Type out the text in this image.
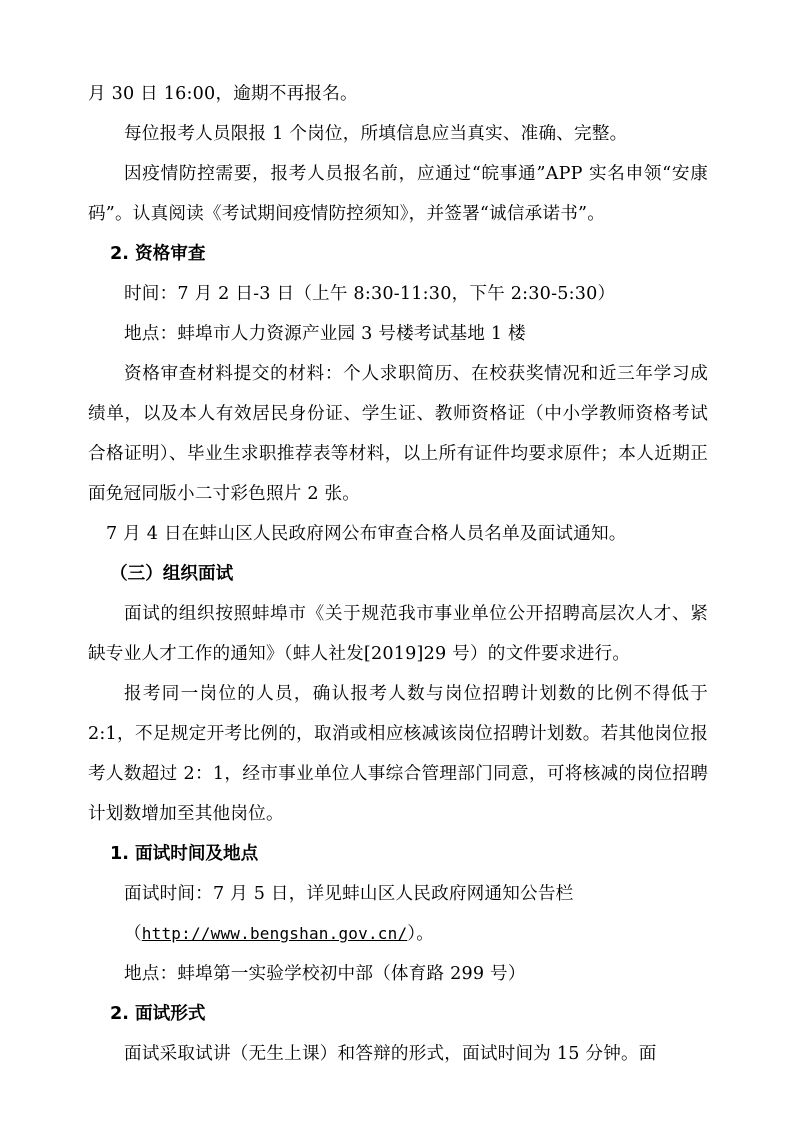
月 30 日 16:00，逾期不再报名。

每位报考人员限报 1 个岗位，所填信息应当真实、准确、完整。

因疫情防控需要，报考人员报名前，应通过“皖事通”APP 实名申领“安康码”。认真阅读《考试期间疫情防控须知》，并签署“诚信承诺书”。

2. 资格审查

时间：7 月 2 日-3 日（上午 8:30-11:30，下午 2:30-5:30）

地点：蚌埠市人力资源产业园 3 号楼考试基地 1 楼

资格审查材料提交的材料：个人求职简历、在校获奖情况和近三年学习成绩单，以及本人有效居民身份证、学生证、教师资格证（中小学教师资格考试合格证明）、毕业生求职推荐表等材料，以上所有证件均要求原件；本人近期正面免冠同版小二寸彩色照片 2 张。

7 月 4 日在蚌山区人民政府网公布审查合格人员名单及面试通知。

（三）组织面试

面试的组织按照蚌埠市《关于规范我市事业单位公开招聘高层次人才、紧缺专业人才工作的通知》（蚌人社发[2019]29 号）的文件要求进行。

报考同一岗位的人员，确认报考人数与岗位招聘计划数的比例不得低于 2:1，不足规定开考比例的，取消或相应核减该岗位招聘计划数。若其他岗位报考人数超过 2：1，经市事业单位人事综合管理部门同意，可将核减的岗位招聘计划数增加至其他岗位。

1. 面试时间及地点

面试时间：7 月 5 日，详见蚌山区人民政府网通知公告栏

（http://www.bengshan.gov.cn/）。

地点：蚌埠第一实验学校初中部（体育路 299 号）

2. 面试形式

面试采取试讲（无生上课）和答辩的形式，面试时间为 15 分钟。面
